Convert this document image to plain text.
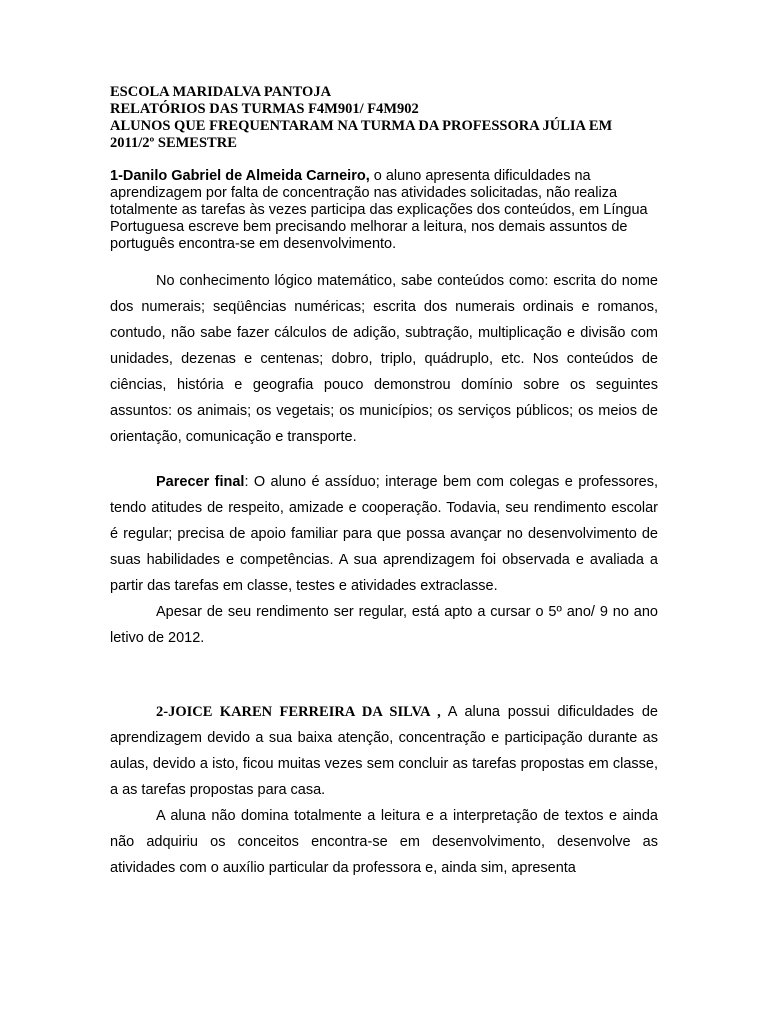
ESCOLA MARIDALVA PANTOJA
RELATÓRIOS DAS TURMAS F4M901/ F4M902
ALUNOS QUE FREQUENTARAM NA TURMA DA PROFESSORA JÚLIA EM
2011/2º SEMESTRE

1-Danilo Gabriel de Almeida Carneiro, o aluno apresenta dificuldades na aprendizagem por falta de concentração nas atividades solicitadas, não realiza totalmente as tarefas às vezes participa das explicações dos conteúdos, em Língua Portuguesa escreve bem precisando melhorar a leitura, nos demais assuntos de português encontra-se em desenvolvimento.

No conhecimento lógico matemático, sabe conteúdos como: escrita do nome dos numerais; seqüências numéricas; escrita dos numerais ordinais e romanos, contudo, não sabe fazer cálculos de adição, subtração, multiplicação e divisão com unidades, dezenas e centenas; dobro, triplo, quádruplo, etc. Nos conteúdos de ciências, história e geografia pouco demonstrou domínio sobre os seguintes assuntos: os animais; os vegetais; os municípios; os serviços públicos; os meios de orientação, comunicação e transporte.

Parecer final: O aluno é assíduo; interage bem com colegas e professores, tendo atitudes de respeito, amizade e cooperação. Todavia, seu rendimento escolar é regular; precisa de apoio familiar para que possa avançar no desenvolvimento de suas habilidades e competências. A sua aprendizagem foi observada e avaliada a partir das tarefas em classe, testes e atividades extraclasse.

Apesar de seu rendimento ser regular, está apto a cursar o 5º ano/ 9 no ano letivo de 2012.

2-JOICE KAREN FERREIRA DA SILVA , A aluna possui dificuldades de aprendizagem devido a sua baixa atenção, concentração e participação durante as aulas, devido a isto, ficou muitas vezes sem concluir as tarefas propostas em classe, a as tarefas propostas para casa.

A aluna não domina totalmente a leitura e a interpretação de textos e ainda não adquiriu os conceitos encontra-se em desenvolvimento, desenvolve as atividades com o auxílio particular da professora e, ainda sim, apresenta
